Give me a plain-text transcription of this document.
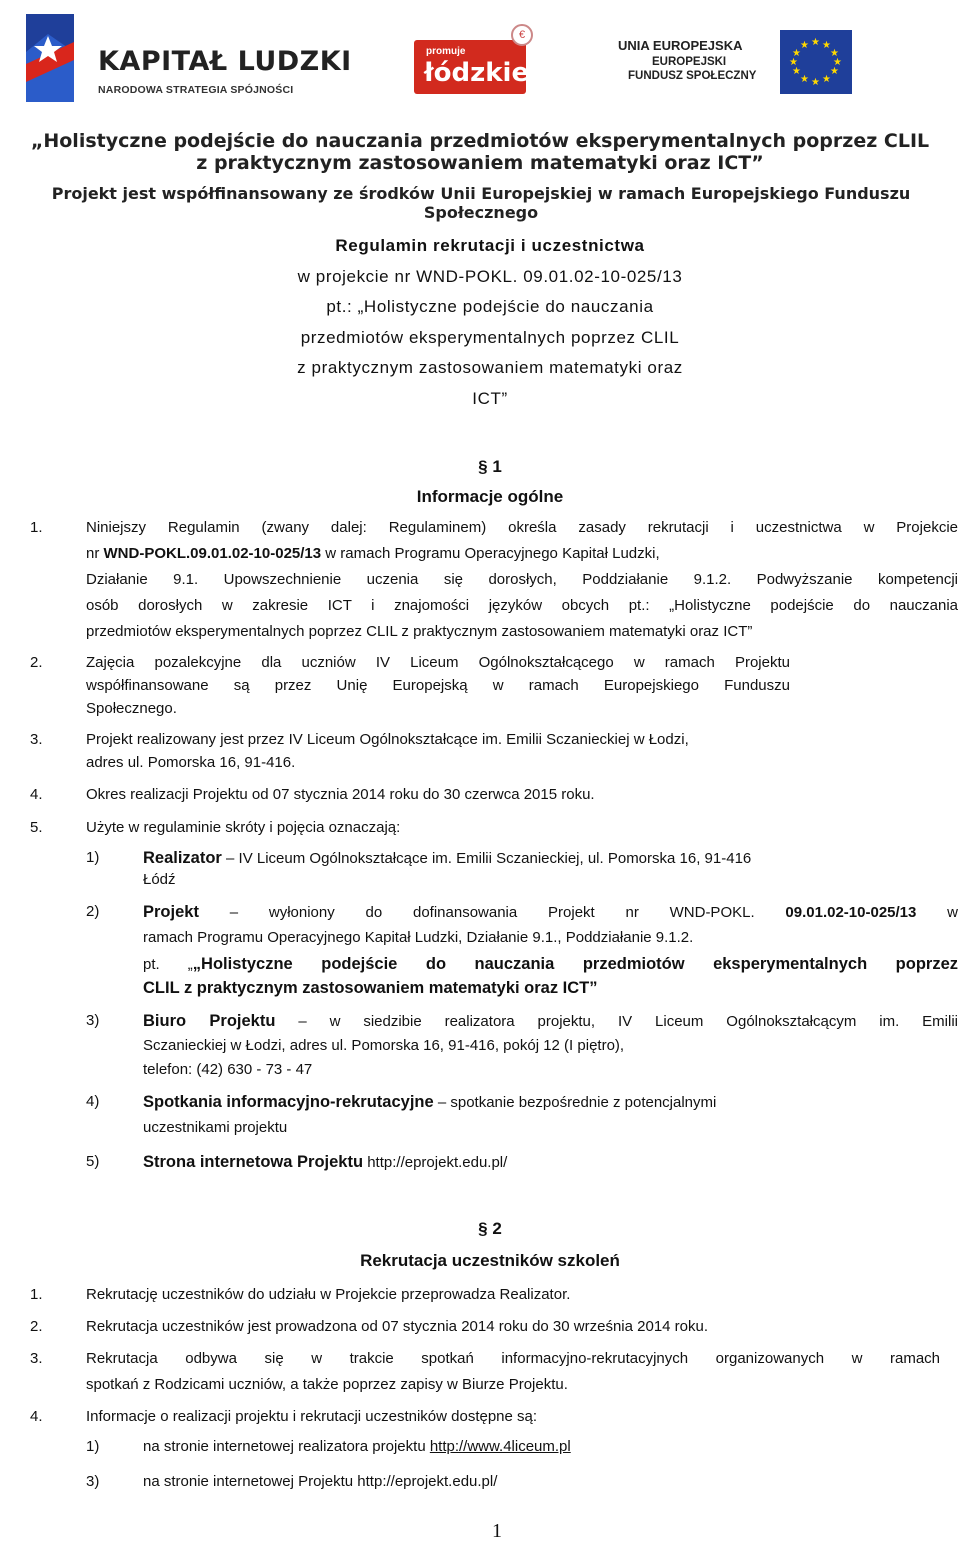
KAPITAŁ LUDZKI
NARODOWA STRATEGIA SPÓJNOŚCI
promuje
łódzkie
€
UNIA EUROPEJSKA
EUROPEJSKI
FUNDUSZ SPOŁECZNY
★ ★
★
★
★
★
★
★
★
★
★
★
„Holistyczne podejście do nauczania przedmiotów eksperymentalnych poprzez CLIL
z praktycznym zastosowaniem matematyki oraz ICT”
Projekt jest współfinansowany ze środków Unii Europejskiej w ramach Europejskiego Funduszu Społecznego
Regulamin rekrutacji i uczestnictwa
w projekcie nr WND-POKL. 09.01.02-10-025/13
pt.: „Holistyczne podejście do nauczania
przedmiotów eksperymentalnych poprzez CLIL
z praktycznym zastosowaniem matematyki oraz
ICT”
§ 1
Informacje ogólne
1.	Niniejszy Regulamin (zwany dalej: Regulaminem) określa zasady rekrutacji i uczestnictwa w Projekcie
nr WND-POKL.09.01.02-10-025/13 w ramach Programu Operacyjnego Kapitał Ludzki,
Działanie 9.1. Upowszechnienie uczenia się dorosłych, Poddziałanie 9.1.2. Podwyższanie kompetencji
osób dorosłych w zakresie ICT i znajomości języków obcych pt.: „Holistyczne podejście do nauczania
przedmiotów eksperymentalnych poprzez CLIL z praktycznym zastosowaniem matematyki oraz ICT”
2.	Zajęcia pozalekcyjne dla uczniów IV Liceum Ogólnokształcącego w ramach Projektu
współfinansowane są przez Unię Europejską w ramach Europejskiego Funduszu
Społecznego.
3.	Projekt realizowany jest przez IV Liceum Ogólnokształcące im. Emilii Sczanieckiej w Łodzi,
adres ul. Pomorska 16, 91-416.
4.	Okres realizacji Projektu od 07 stycznia 2014 roku do 30 czerwca 2015 roku.
5.	Użyte w regulaminie skróty i pojęcia oznaczają:
1)	Realizator – IV Liceum Ogólnokształcące im. Emilii Sczanieckiej, ul. Pomorska 16, 91-416
Łódź
2)	Projekt – wyłoniony do dofinansowania Projekt nr WND-POKL. 09.01.02-10-025/13 w
ramach Programu Operacyjnego Kapitał Ludzki, Działanie 9.1., Poddziałanie 9.1.2.
pt. „„Holistyczne podejście do nauczania przedmiotów eksperymentalnych poprzez
CLIL z praktycznym zastosowaniem matematyki oraz ICT”
3)	Biuro Projektu – w siedzibie realizatora projektu, IV Liceum Ogólnokształcącym im. Emilii
Sczanieckiej w Łodzi, adres ul. Pomorska 16, 91-416, pokój 12 (I piętro),
telefon: (42) 630 - 73 - 47
4)	Spotkania informacyjno-rekrutacyjne – spotkanie bezpośrednie z potencjalnymi
uczestnikami projektu
5)	Strona internetowa Projektu http://eprojekt.edu.pl/
§ 2
Rekrutacja uczestników szkoleń
1.	Rekrutację uczestników do udziału w Projekcie przeprowadza Realizator.
2.	Rekrutacja uczestników jest prowadzona od 07 stycznia 2014 roku do 30 września 2014 roku.
3.	Rekrutacja odbywa się w trakcie spotkań informacyjno-rekrutacyjnych organizowanych w ramach
spotkań z Rodzicami uczniów, a także poprzez zapisy w Biurze Projektu.
4.	Informacje o realizacji projektu i rekrutacji uczestników dostępne są:
1)	na stronie internetowej realizatora projektu http://www.4liceum.pl
3)	na stronie internetowej Projektu http://eprojekt.edu.pl/
1
